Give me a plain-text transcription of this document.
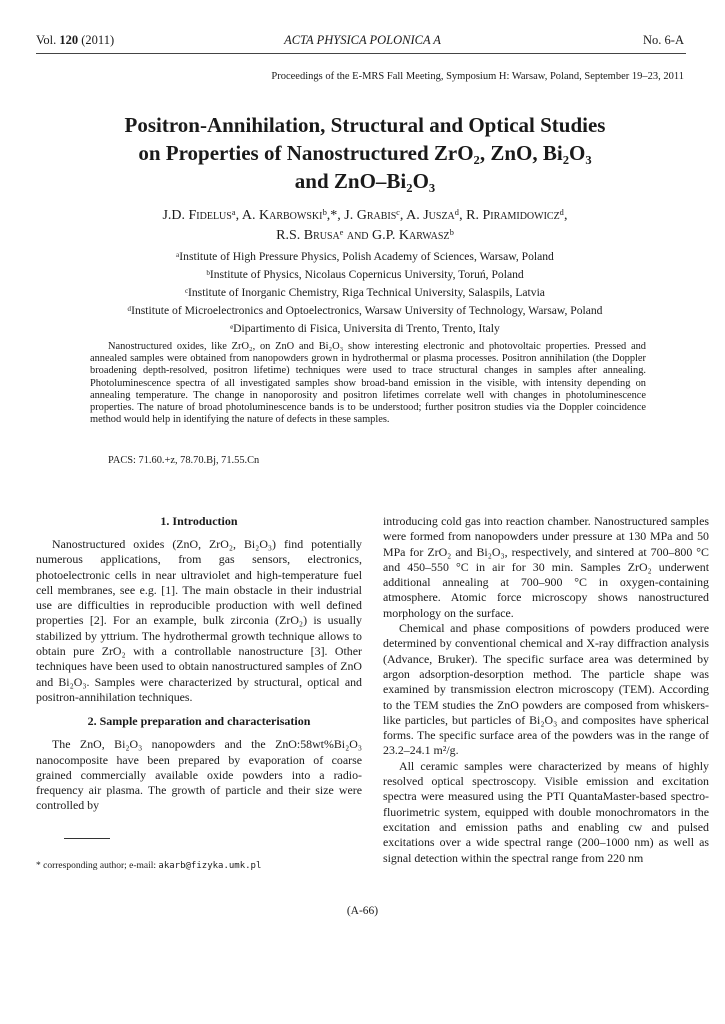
Vol. 120 (2011)	ACTA PHYSICA POLONICA A	No. 6-A
Proceedings of the E-MRS Fall Meeting, Symposium H: Warsaw, Poland, September 19–23, 2011
Positron-Annihilation, Structural and Optical Studies
on Properties of Nanostructured ZrO₂, ZnO, Bi₂O₃
and ZnO–Bi₂O₃
J.D. Fidelusᵃ, A. Karbowskiᵇ,*, J. Grabisᶜ, A. Juszaᵈ, R. Piramidowiczᵈ,
R.S. Brusaᵉ and G.P. Karwaszᵇ
ᵃInstitute of High Pressure Physics, Polish Academy of Sciences, Warsaw, Poland
ᵇInstitute of Physics, Nicolaus Copernicus University, Toruń, Poland
ᶜInstitute of Inorganic Chemistry, Riga Technical University, Salaspils, Latvia
ᵈInstitute of Microelectronics and Optoelectronics, Warsaw University of Technology, Warsaw, Poland
ᵉDipartimento di Fisica, Universita di Trento, Trento, Italy

Nanostructured oxides, like ZrO₂, on ZnO and Bi₂O₃ show interesting electronic and photovoltaic properties. Pressed and annealed samples were obtained from nanopowders grown in hydrothermal or plasma processes. Positron annihilation (the Doppler broadening depth-resolved, positron lifetime) techniques were used to trace structural changes in samples after annealing. Photoluminescence spectra of all investigated samples show broad-band emission in the visible, with intensity depending on annealing temperature. The change in nanoporosity and positron lifetimes correlate well with changes in photoluminescence properties. The nature of broad photoluminescence bands is to be understood; further positron studies via the Doppler coincidence method would help in identifying the nature of defects in these samples.

PACS: 71.60.+z, 78.70.Bj, 71.55.Cn
1. Introduction

Nanostructured oxides (ZnO, ZrO₂, Bi₂O₃) find potentially numerous applications, from gas sensors, electronics, photoelectronic cells in near ultraviolet and high-temperature fuel cell membranes, see e.g. [1]. The main obstacle in their industrial use are difficulties in reproducible production with well defined properties [2]. For an example, bulk zirconia (ZrO₂) is usually stabilized by yttrium. The hydrothermal growth technique allows to obtain pure ZrO₂ with a controllable nanostructure [3]. Other techniques have been used to obtain nanostructured samples of ZnO and Bi₂O₃. Samples were characterized by structural, optical and positron-annihilation techniques.

2. Sample preparation and characterisation

The ZnO, Bi₂O₃ nanopowders and the ZnO:58wt%Bi₂O₃ nanocomposite have been prepared by evaporation of coarse grained commercially available oxide powders into a radio-frequency air plasma. The growth of particle and their size were controlled by

introducing cold gas into reaction chamber. Nanostructured samples were formed from nanopowders under pressure at 130 MPa and 50 MPa for ZrO₂ and Bi₂O₃, respectively, and sintered at 700–800 °C and 450–550 °C in air for 30 min. Samples ZrO₂ underwent additional annealing at 700–900 °C in oxygen-containing atmosphere. Atomic force microscopy shows nanostructured morphology on the surface.

Chemical and phase compositions of powders produced were determined by conventional chemical and X-ray diffraction analysis (Advance, Bruker). The specific surface area was determined by argon adsorption-desorption method. The particle shape was examined by transmission electron microscopy (TEM). According to the TEM studies the ZnO powders are composed from whiskers-like particles, but particles of Bi₂O₃ and composites have spherical forms. The specific surface area of the powders was in the range of 23.2–24.1 m²/g.

All ceramic samples were characterized by means of highly resolved optical spectroscopy. Visible emission and excitation spectra were measured using the PTI QuantaMaster-based spectro-fluorimetric system, equipped with double monochromators in the excitation and emission paths and enabling cw and pulsed excitations over a wide spectral range (200–1000 nm) as well as signal detection within the spectral range from 220 nm

* corresponding author; e-mail: akarb@fizyka.umk.pl
(A-66)
